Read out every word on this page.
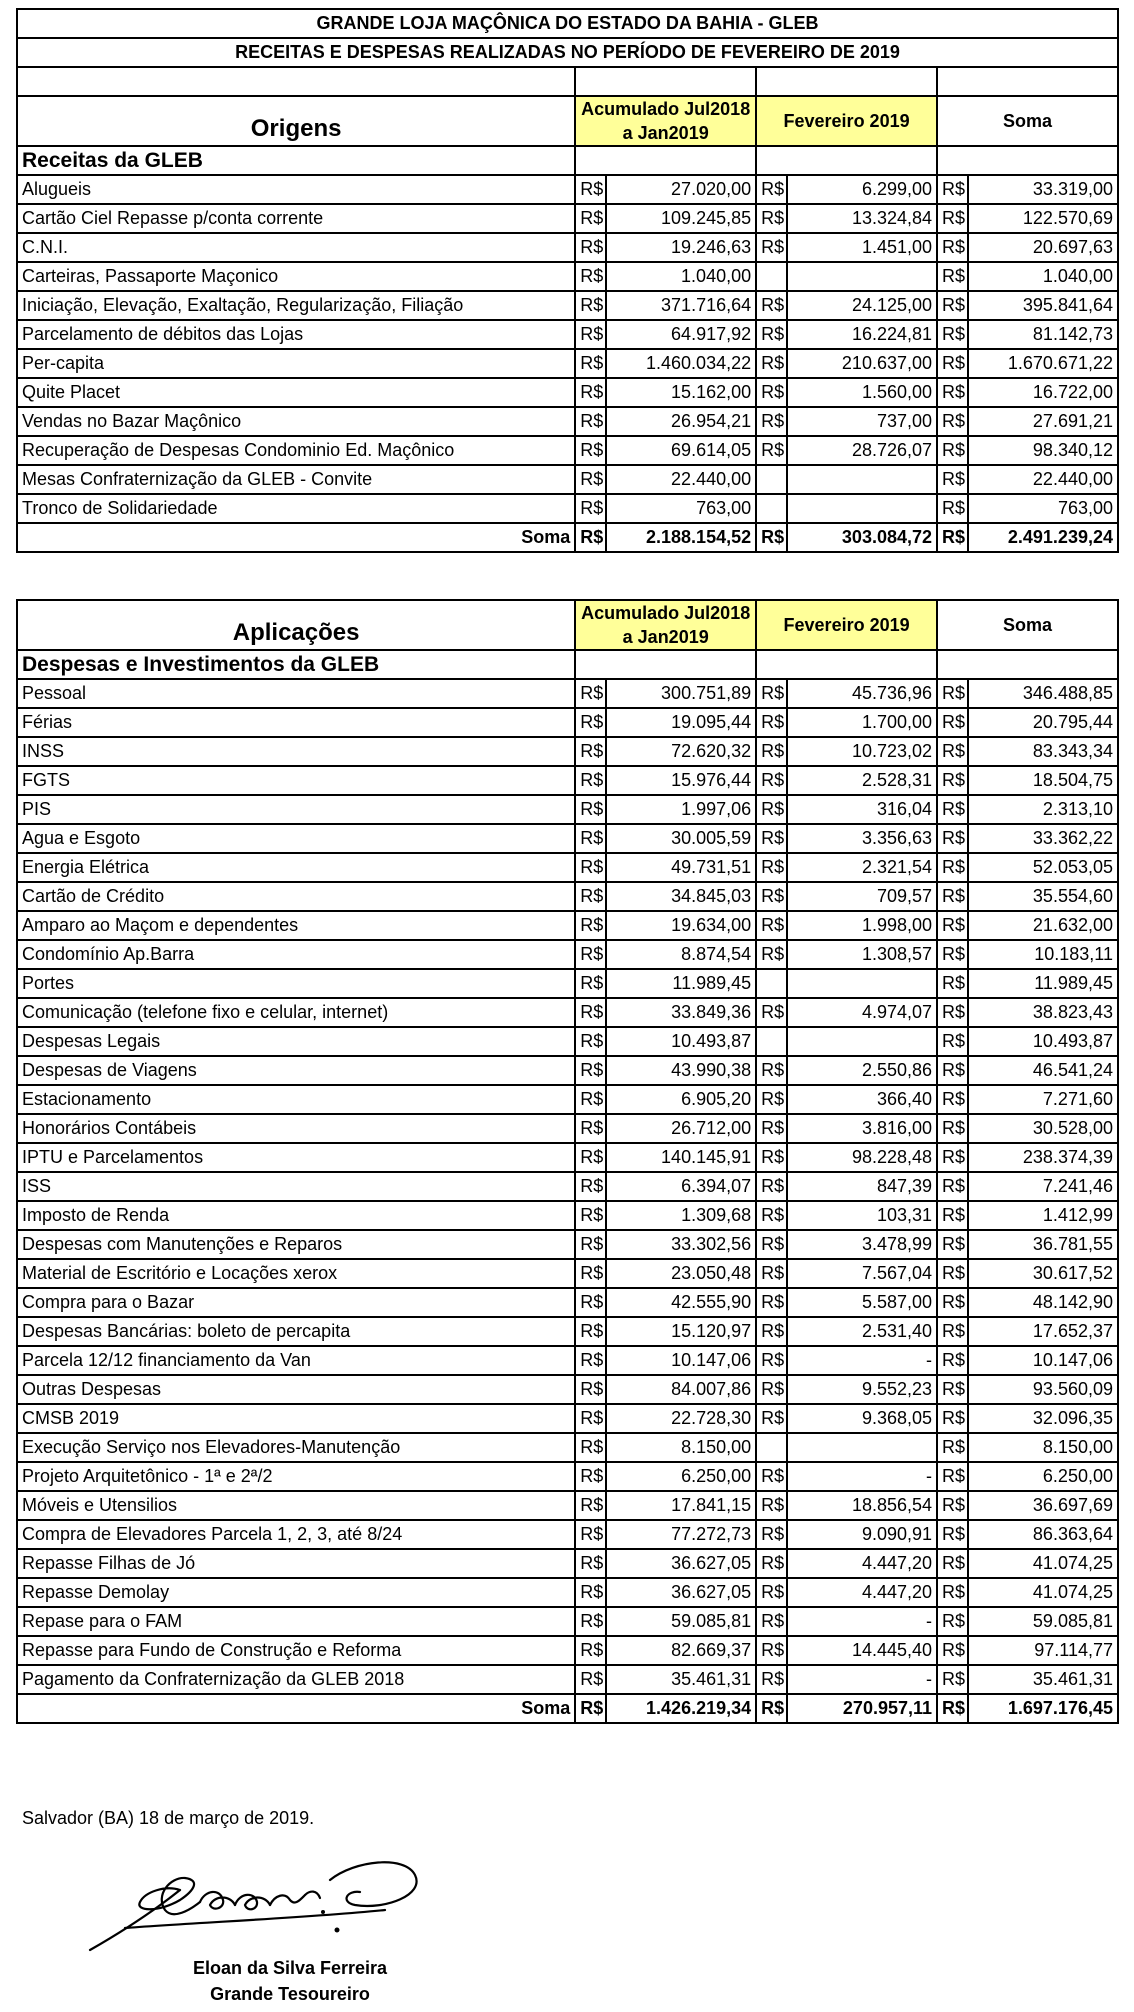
GRANDE LOJA MAÇÔNICA DO ESTADO DA BAHIA - GLEB						
RECEITAS E DESPESAS REALIZADAS NO PERÍODO DE FEVEREIRO DE 2019						

Origens	Acumulado Jul2018
a Jan2019		Fevereiro 2019		Soma	
Receitas da GLEB						
Alugueis	R$	27.020,00	R$	6.299,00	R$	33.319,00
Cartão Ciel Repasse p/conta corrente	R$	109.245,85	R$	13.324,84	R$	122.570,69
C.N.I.	R$	19.246,63	R$	1.451,00	R$	20.697,63
Carteiras, Passaporte Maçonico	R$	1.040,00			R$	1.040,00
Iniciação, Elevação, Exaltação, Regularização, Filiação	R$	371.716,64	R$	24.125,00	R$	395.841,64
Parcelamento de débitos das Lojas	R$	64.917,92	R$	16.224,81	R$	81.142,73
Per-capita	R$	1.460.034,22	R$	210.637,00	R$	1.670.671,22
Quite Placet	R$	15.162,00	R$	1.560,00	R$	16.722,00
Vendas no Bazar Maçônico	R$	26.954,21	R$	737,00	R$	27.691,21
Recuperação de Despesas Condominio Ed. Maçônico	R$	69.614,05	R$	28.726,07	R$	98.340,12
Mesas Confraternização da GLEB - Convite	R$	22.440,00			R$	22.440,00
Tronco de Solidariedade	R$	763,00			R$	763,00
Soma	R$	2.188.154,52	R$	303.084,72	R$	2.491.239,24
Aplicações	Acumulado Jul2018
a Jan2019		Fevereiro 2019		Soma	
Despesas e Investimentos da GLEB						
Pessoal	R$	300.751,89	R$	45.736,96	R$	346.488,85
Férias	R$	19.095,44	R$	1.700,00	R$	20.795,44
INSS	R$	72.620,32	R$	10.723,02	R$	83.343,34
FGTS	R$	15.976,44	R$	2.528,31	R$	18.504,75
PIS	R$	1.997,06	R$	316,04	R$	2.313,10
Agua e Esgoto	R$	30.005,59	R$	3.356,63	R$	33.362,22
Energia Elétrica	R$	49.731,51	R$	2.321,54	R$	52.053,05
Cartão de Crédito	R$	34.845,03	R$	709,57	R$	35.554,60
Amparo ao Maçom e dependentes	R$	19.634,00	R$	1.998,00	R$	21.632,00
Condomínio Ap.Barra	R$	8.874,54	R$	1.308,57	R$	10.183,11
Portes	R$	11.989,45			R$	11.989,45
Comunicação (telefone fixo e celular, internet)	R$	33.849,36	R$	4.974,07	R$	38.823,43
Despesas Legais	R$	10.493,87			R$	10.493,87
Despesas de Viagens	R$	43.990,38	R$	2.550,86	R$	46.541,24
Estacionamento	R$	6.905,20	R$	366,40	R$	7.271,60
Honorários Contábeis	R$	26.712,00	R$	3.816,00	R$	30.528,00
IPTU e Parcelamentos	R$	140.145,91	R$	98.228,48	R$	238.374,39
ISS	R$	6.394,07	R$	847,39	R$	7.241,46
Imposto de Renda	R$	1.309,68	R$	103,31	R$	1.412,99
Despesas com Manutenções e Reparos	R$	33.302,56	R$	3.478,99	R$	36.781,55
Material de Escritório e Locações xerox	R$	23.050,48	R$	7.567,04	R$	30.617,52
Compra para o Bazar	R$	42.555,90	R$	5.587,00	R$	48.142,90
Despesas Bancárias: boleto de percapita	R$	15.120,97	R$	2.531,40	R$	17.652,37
Parcela 12/12 financiamento da Van	R$	10.147,06	R$	-	R$	10.147,06
Outras Despesas	R$	84.007,86	R$	9.552,23	R$	93.560,09
CMSB 2019	R$	22.728,30	R$	9.368,05	R$	32.096,35
Execução Serviço nos Elevadores-Manutenção	R$	8.150,00			R$	8.150,00
Projeto Arquitetônico - 1ª e 2ª/2	R$	6.250,00	R$	-	R$	6.250,00
Móveis e Utensilios	R$	17.841,15	R$	18.856,54	R$	36.697,69
Compra de Elevadores Parcela 1, 2, 3, até 8/24	R$	77.272,73	R$	9.090,91	R$	86.363,64
Repasse Filhas de Jó	R$	36.627,05	R$	4.447,20	R$	41.074,25
Repasse Demolay	R$	36.627,05	R$	4.447,20	R$	41.074,25
Repase para o FAM	R$	59.085,81	R$	-	R$	59.085,81
Repasse para Fundo de Construção e Reforma	R$	82.669,37	R$	14.445,40	R$	97.114,77
Pagamento da Confraternização da GLEB 2018	R$	35.461,31	R$	-	R$	35.461,31
Soma	R$	1.426.219,34	R$	270.957,11	R$	1.697.176,45
Salvador (BA) 18 de março de 2019.
Eloan da Silva Ferreira
Grande Tesoureiro
